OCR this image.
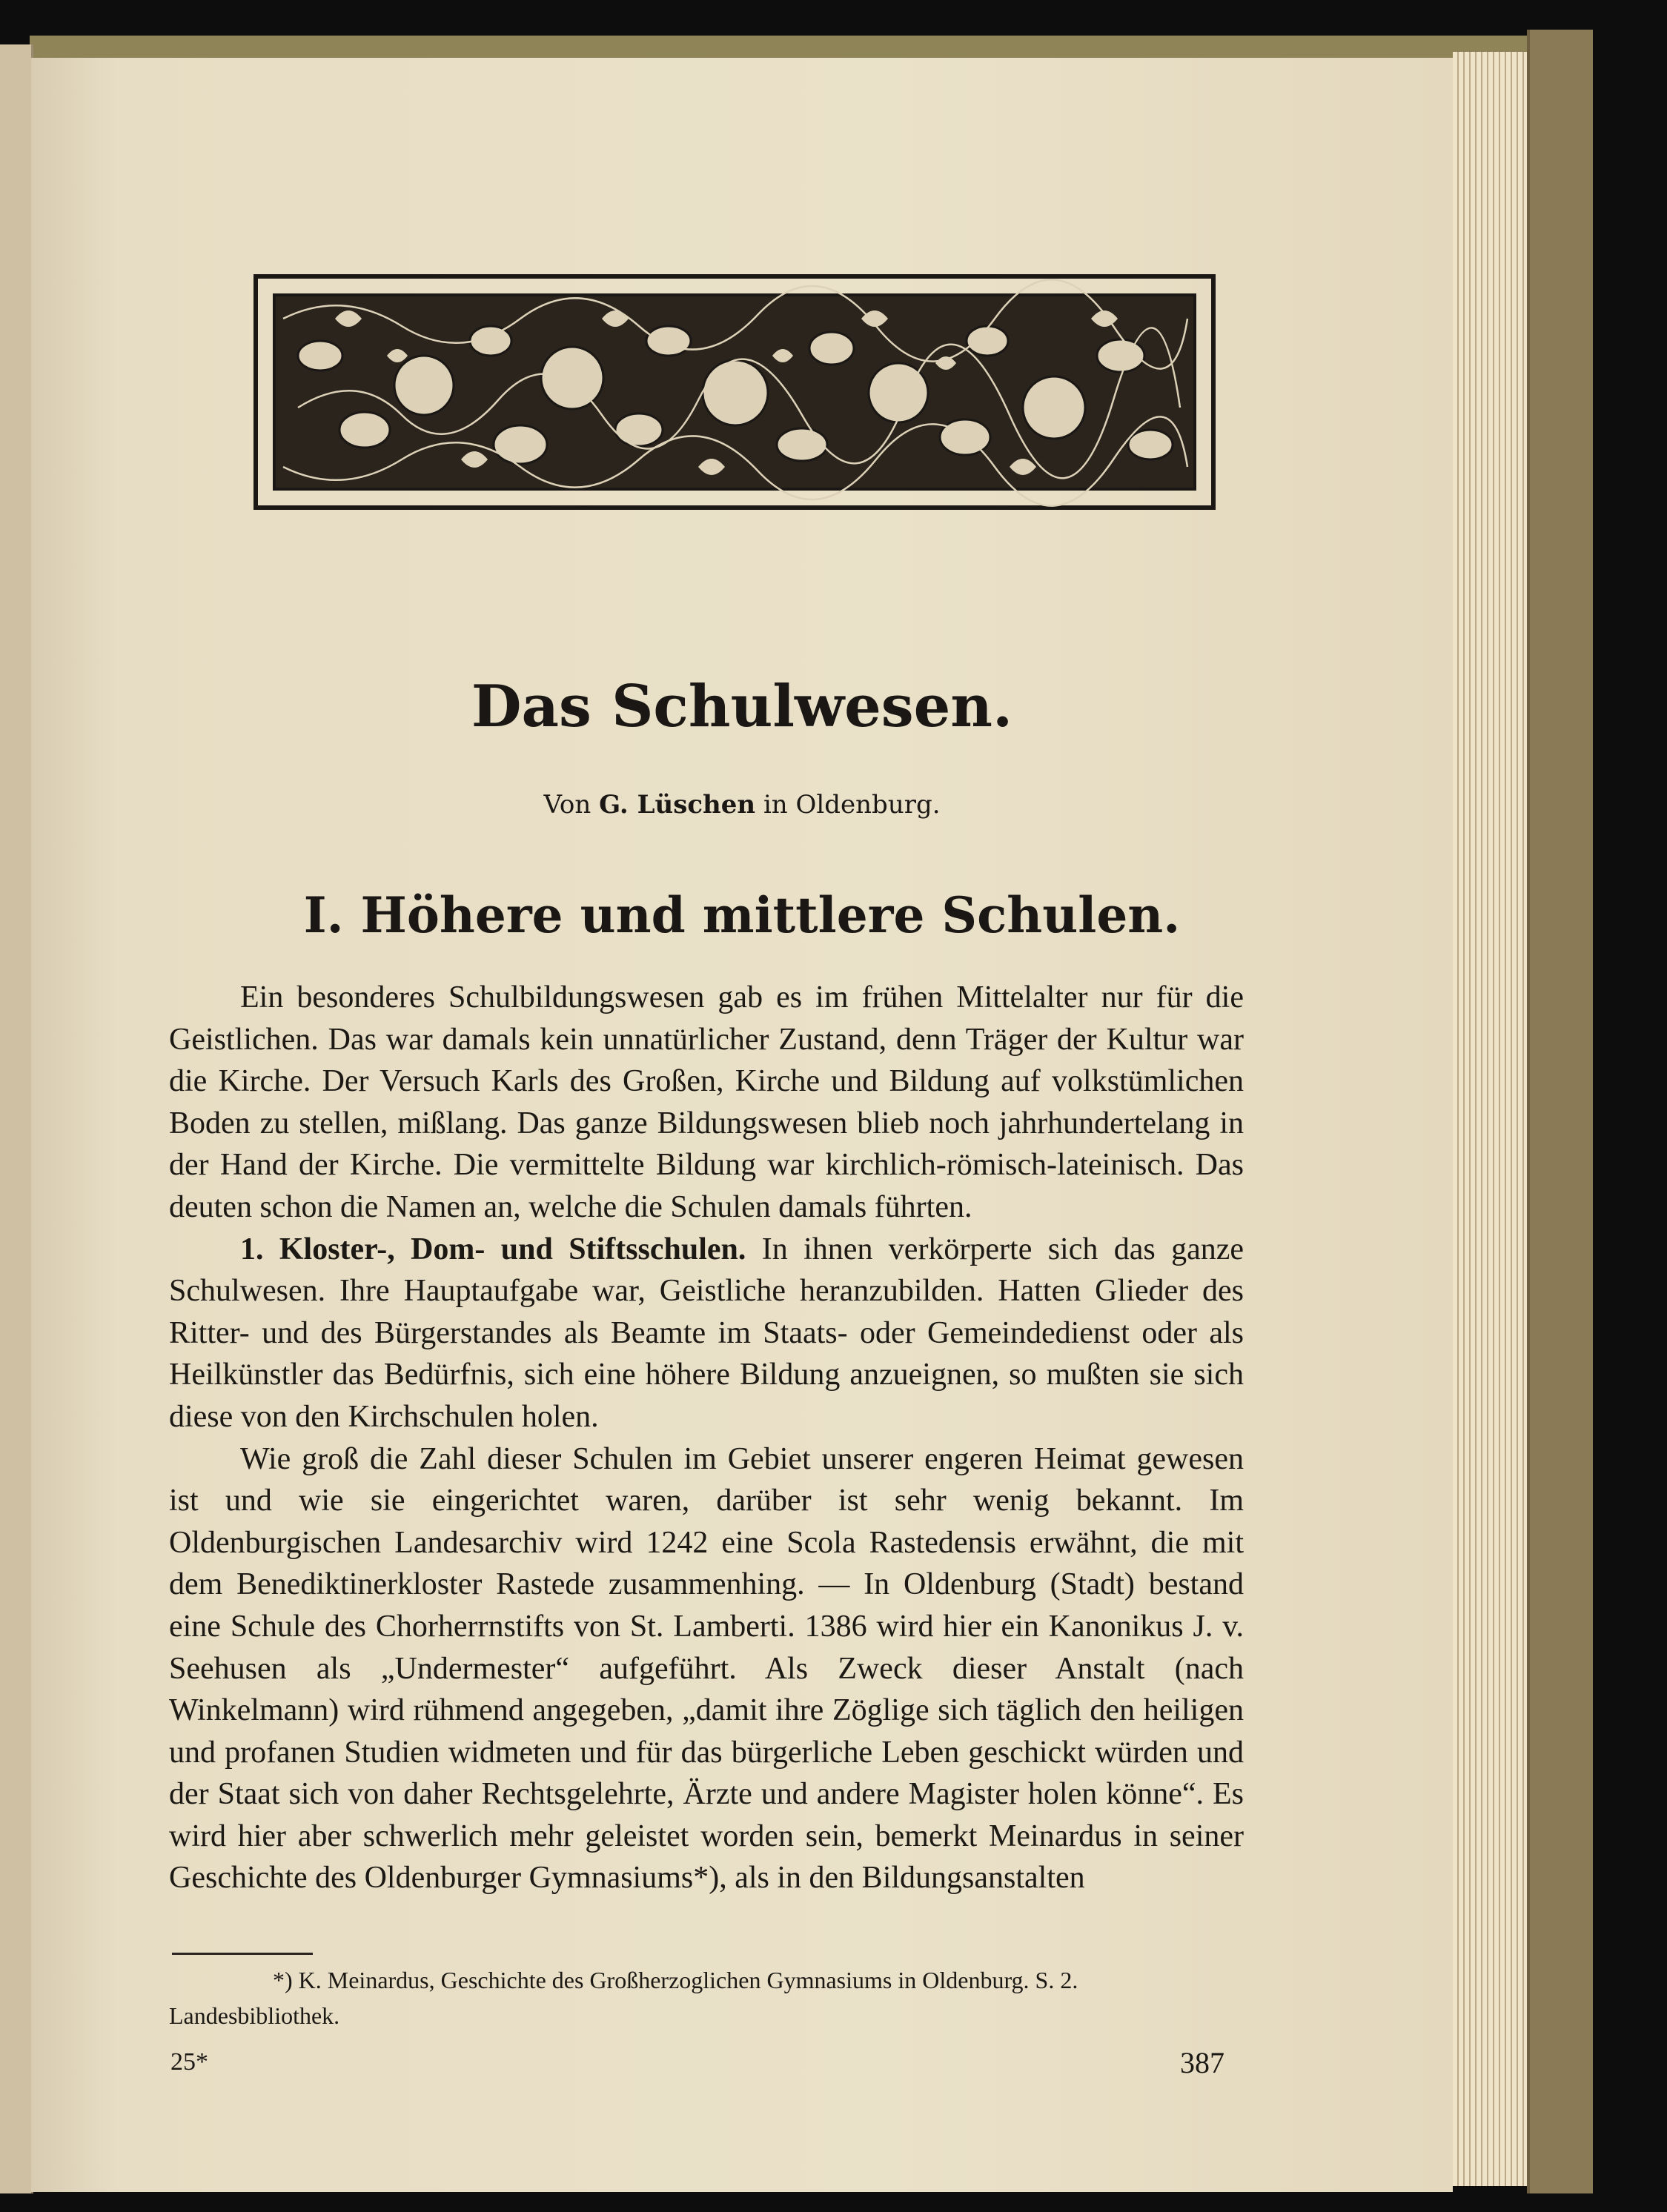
Das Schulwesen.
Von G. Lüschen in Oldenburg.
I. Höhere und mittlere Schulen.

Ein besonderes Schulbildungswesen gab es im frühen Mittelalter nur für die Geistlichen. Das war damals kein unnatürlicher Zustand, denn Träger der Kultur war die Kirche. Der Versuch Karls des Großen, Kirche und Bildung auf volkstümlichen Boden zu stellen, mißlang. Das ganze Bildungswesen blieb noch jahrhundertelang in der Hand der Kirche. Die vermittelte Bildung war kirchlich-römisch-lateinisch. Das deuten schon die Namen an, welche die Schulen damals führten.

1. Kloster-, Dom- und Stiftsschulen. In ihnen verkörperte sich das ganze Schulwesen. Ihre Hauptaufgabe war, Geistliche heranzubilden. Hatten Glieder des Ritter- und des Bürgerstandes als Beamte im Staats- oder Gemeindedienst oder als Heilkünstler das Bedürfnis, sich eine höhere Bildung anzueignen, so mußten sie sich diese von den Kirchschulen holen.

Wie groß die Zahl dieser Schulen im Gebiet unserer engeren Heimat gewesen ist und wie sie eingerichtet waren, darüber ist sehr wenig bekannt. Im Oldenburgischen Landesarchiv wird 1242 eine Scola Rastedensis erwähnt, die mit dem Benediktinerkloster Rastede zusammenhing. — In Oldenburg (Stadt) bestand eine Schule des Chorherrnstifts von St. Lamberti. 1386 wird hier ein Kanonikus J. v. Seehusen als „Undermester“ aufgeführt. Als Zweck dieser Anstalt (nach Winkelmann) wird rühmend angegeben, „damit ihre Zöglige sich täglich den heiligen und profanen Studien widmeten und für das bürgerliche Leben geschickt würden und der Staat sich von daher Rechtsgelehrte, Ärzte und andere Magister holen könne“. Es wird hier aber schwerlich mehr geleistet worden sein, bemerkt Meinardus in seiner Geschichte des Oldenburger Gymnasiums*), als in den Bildungsanstalten

*) K. Meinardus, Geschichte des Großherzoglichen Gymnasiums in Oldenburg. S. 2. Landesbibliothek.
25*	387
